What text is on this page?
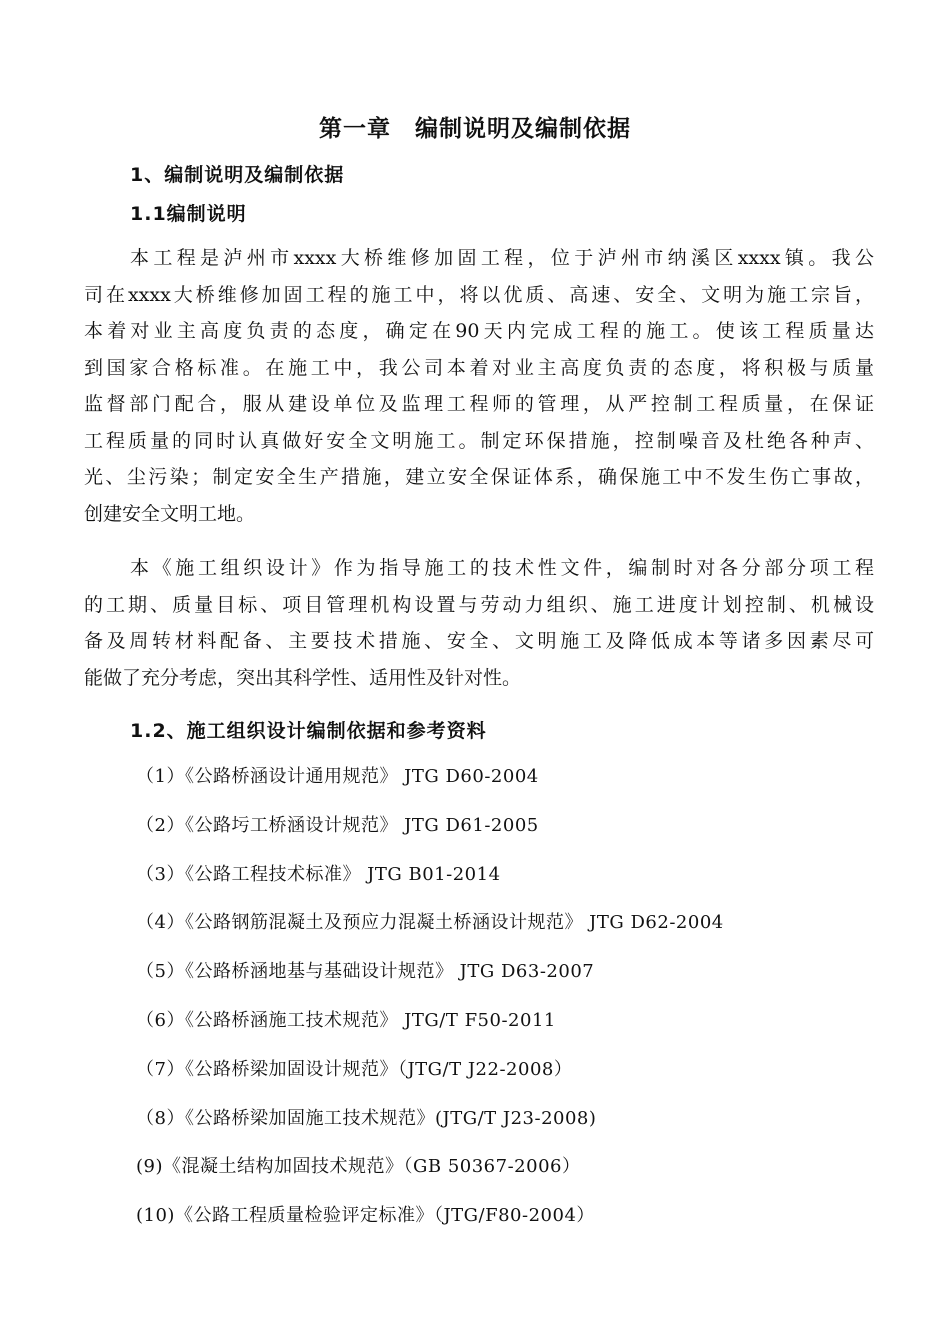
第一章　编制说明及编制依据
1、编制说明及编制依据
1.1编制说明
本工程是泸州市xxxx大桥维修加固工程，位于泸州市纳溪区xxxx镇。我公
司在xxxx大桥维修加固工程的施工中，将以优质、高速、安全、文明为施工宗旨，
本着对业主高度负责的态度，确定在90天内完成工程的施工。使该工程质量达
到国家合格标准。在施工中，我公司本着对业主高度负责的态度，将积极与质量
监督部门配合，服从建设单位及监理工程师的管理，从严控制工程质量，在保证
工程质量的同时认真做好安全文明施工。制定环保措施，控制噪音及杜绝各种声、
光、尘污染；制定安全生产措施，建立安全保证体系，确保施工中不发生伤亡事故，
创建安全文明工地。
本《施工组织设计》作为指导施工的技术性文件，编制时对各分部分项工程
的工期、质量目标、项目管理机构设置与劳动力组织、施工进度计划控制、机械设
备及周转材料配备、主要技术措施、安全、文明施工及降低成本等诸多因素尽可
能做了充分考虑，突出其科学性、适用性及针对性。
1.2、施工组织设计编制依据和参考资料
（1）《公路桥涵设计通用规范》 JTG D60-2004
（2）《公路圬工桥涵设计规范》 JTG D61-2005
（3）《公路工程技术标准》 JTG B01-2014
（4）《公路钢筋混凝土及预应力混凝土桥涵设计规范》 JTG D62-2004
（5）《公路桥涵地基与基础设计规范》 JTG D63-2007
（6）《公路桥涵施工技术规范》 JTG/T F50-2011
（7）《公路桥梁加固设计规范》（JTG/T J22-2008）
（8）《公路桥梁加固施工技术规范》(JTG/T J23-2008)
(9)《混凝土结构加固技术规范》（GB 50367-2006）
(10)《公路工程质量检验评定标准》（JTG/F80-2004）
